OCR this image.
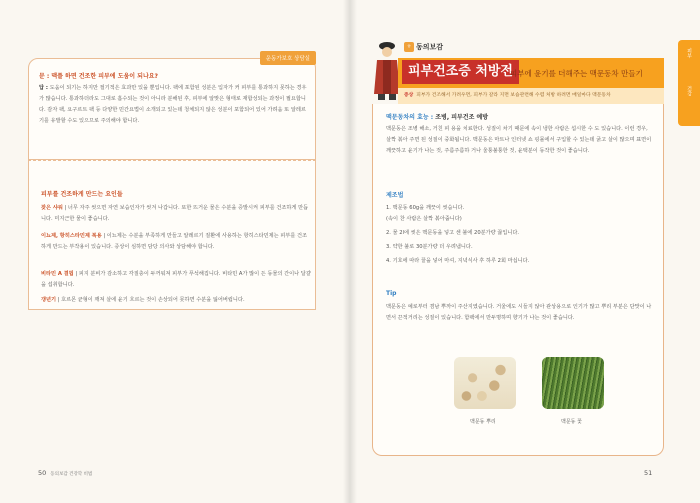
운동가보호 상담실
문 : 맥플 하면 건조한 피부에 도움이 되나요?
답 : 도움이 되기는 하지만 절기적은 효과만 있을 뿐입니다. 팩에 포함된 성분은 입자가 커 피부를 통과하지 못하는 경우가 많습니다. 통과하더라도 그대로 흡수되는 것이 아니라 분해된 후, 피부에 알맞은 형태로 재합성되는 과정이 필요합니다. 감자 팩, 요구르트 팩 등 다양한 민간요법이 소개되고 있는데 청체되지 않은 성분이 포함되어 있어 가려움 또 알레르기를 유발할 수도 있으므로 주의해야 합니다.
피부를 건조하게 만드는 요인들
잦은 샤워 | 너무 자주 씻으면 자연 보습인자가 씻겨 나갑니다. 또한 뜨거운 물은 수분을 증발시켜 피부를 건조하게 만듭니다. 미지근한 물이 좋습니다.
이뇨제, 항히스타민제 복용 | 이뇨제는 수분을 부족하게 만들고 알레르기 질환에 사용하는 항히스타민제는 피부를 건조하게 만드는 부작용이 있습니다. 증상이 심하면 담당 의사와 상담해야 합니다.
비타민 A 결핍 | 피지 분비가 감소하고 각질층이 두꺼워져 피부가 푸석해집니다. 비타민 A가 많이 든 동물의 간이나 달걀을 섭취합니다.
갱년기 | 호르몬 균형이 깨져 살에 윤기 흐르는 것이 손상되어 못하면 수분을 잃어버립니다.
50 동의보감 건강학 비법
피부
건강
ㅎ 동의보감
피부건조증 처방전
피부에 윤기를 더해주는 맥문동차 만들기
증상 피부가 건조해서 가려우면, 피부가 갈라 지면 보습관련해 수렴 처방 하려면 매일마다 맥문동차
맥문동차의 효능 : 조병, 피부건조 예방
맥문동은 조병 해소, 거친 피 용을 치료한다. 성질이 차기 때문에 속이 냉한 사람은 섭시한 수 도 있습니다. 이런 경우, 살짝 볶아 주면 된 성질이 중화됩니다. 맥문동은 마트나 인터넷 쇼 핑몰에서 구입할 수 있는데 굵고 살이 많으며 표면이 깨끗하고 윤기가 나는 것, 주름주름하 거나 울퉁불퉁한 것, 윤택분이 동작한 것이 좋습니다.
제조법
1. 맥문동 60g을 깨끗이 씻습니다.
(속이 찬 사람은 살짝 볶아줍니다)
2. 물 2l에 씻은 맥문동을 넣고 센 불에 20분가량 끓입니다.
3. 약한 불로 30분가량 더 우려냅니다.
4. 기호에 따라 꿀을 넣어 마셔, 지녁식사 후 하루 2회 마십니다.
Tip
맥문동은 예로부터 겸남 뿌까이 주산지였습니다. 거울에도 시들지 않아 관상용으로 인기가 많고 뿌리 부분은 단맛이 나면서 끈적거리는 성질이 있습니다. 함팩에서 만두명하며 향기가 나는 것이 좋습니다.
맥문동 뿌리	맥문동 꽃
51
